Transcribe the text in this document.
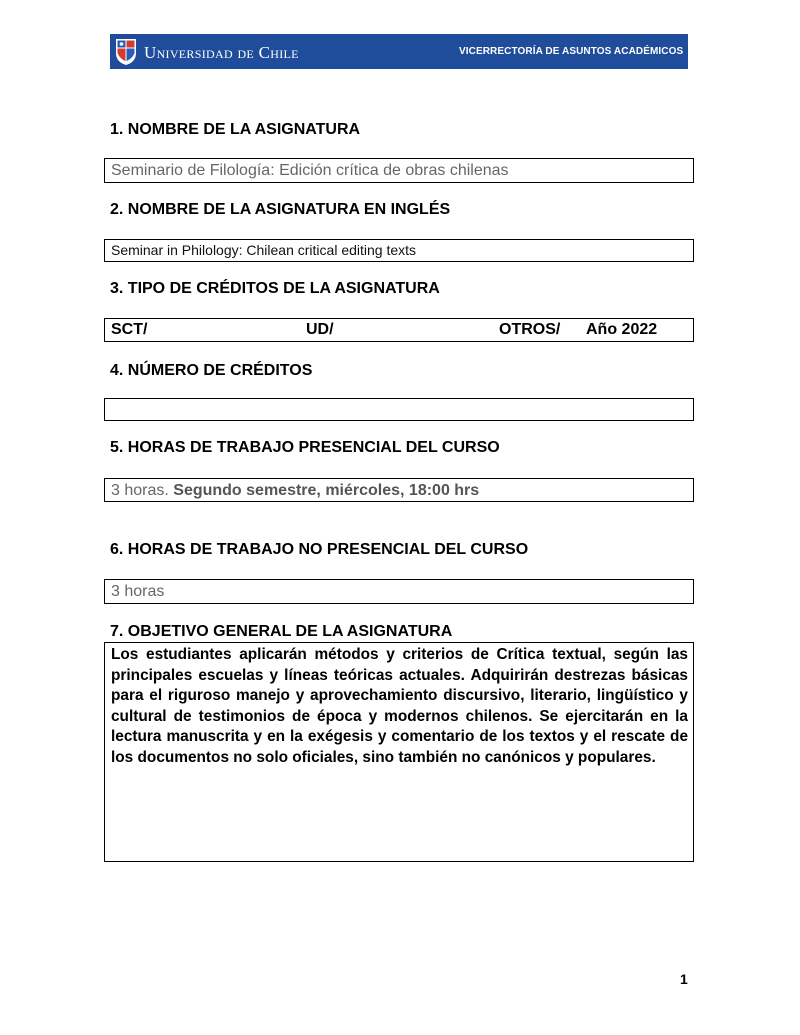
Universidad de Chile	VICERRECTORÍA DE ASUNTOS ACADÉMICOS
1. NOMBRE DE LA ASIGNATURA
Seminario de Filología: Edición crítica de obras chilenas
2. NOMBRE DE LA ASIGNATURA EN INGLÉS
Seminar in Philology: Chilean critical editing texts
3. TIPO DE CRÉDITOS DE LA ASIGNATURA
SCT/	UD/	OTROS/ Año 2022
4. NÚMERO DE CRÉDITOS
5. HORAS DE TRABAJO PRESENCIAL DEL CURSO
3 horas. Segundo semestre, miércoles, 18:00 hrs
6. HORAS DE TRABAJO NO PRESENCIAL DEL CURSO
3 horas
7. OBJETIVO GENERAL DE LA ASIGNATURA
Los estudiantes aplicarán métodos y criterios de Crítica textual, según las principales escuelas y líneas teóricas actuales. Adquirirán destrezas básicas para el riguroso manejo y aprovechamiento discursivo, literario, lingüístico y cultural de testimonios de época y modernos chilenos. Se ejercitarán en la lectura manuscrita y en la exégesis y comentario de los textos y el rescate de los documentos no solo oficiales, sino también no canónicos y populares.
1
